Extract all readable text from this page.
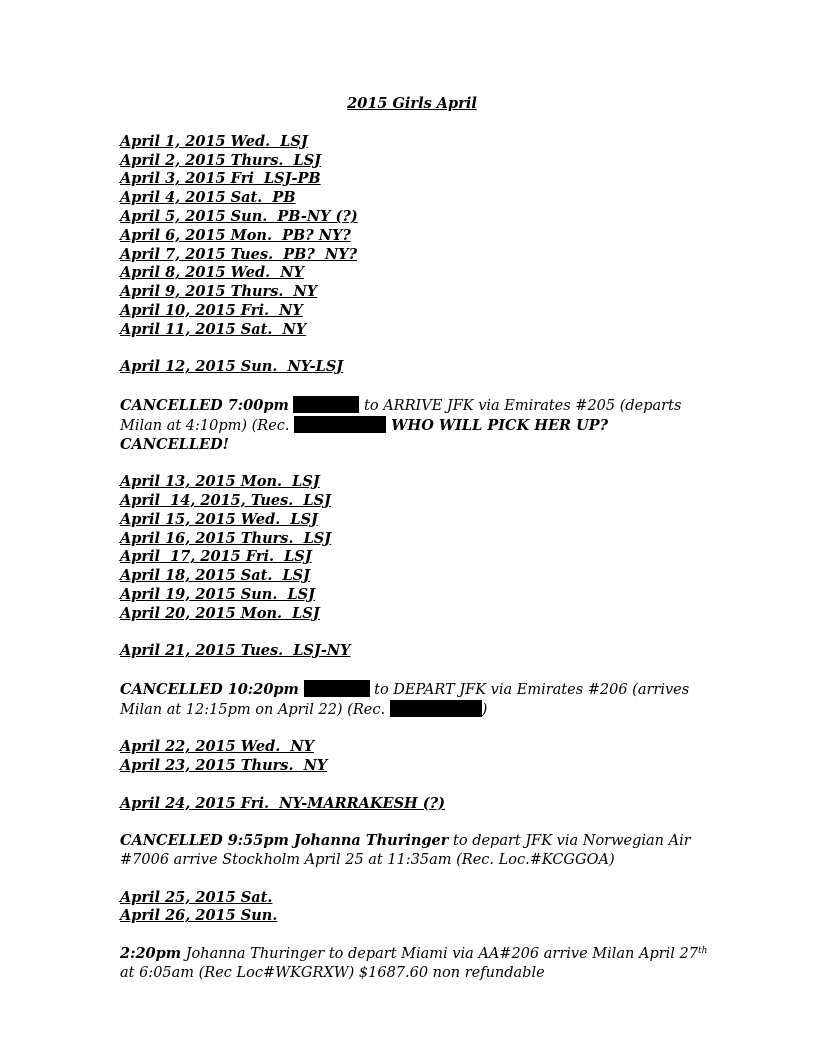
2015 Girls April
April 1, 2015 Wed.  LSJ
April 2, 2015 Thurs.  LSJ
April 3, 2015 Fri  LSJ-PB
April 4, 2015 Sat.  PB
April 5, 2015 Sun.  PB-NY (?)
April 6, 2015 Mon.  PB? NY?
April 7, 2015 Tues.  PB?  NY?
April 8, 2015 Wed.  NY
April 9, 2015 Thurs.  NY
April 10, 2015 Fri.  NY
April 11, 2015 Sat.  NY
April 12, 2015 Sun.  NY-LSJ
CANCELLED 7:00pm	to ARRIVE JFK via Emirates #205 (departs Milan at 4:10pm) (Rec.	WHO WILL PICK HER UP? CANCELLED!
April 13, 2015 Mon.  LSJ
April  14, 2015, Tues.  LSJ
April 15, 2015 Wed.  LSJ
April 16, 2015 Thurs.  LSJ
April  17, 2015 Fri.  LSJ
April 18, 2015 Sat.  LSJ
April 19, 2015 Sun.  LSJ
April 20, 2015 Mon.  LSJ
April 21, 2015 Tues.  LSJ-NY
CANCELLED 10:20pm	to DEPART JFK via Emirates #206 (arrives Milan at 12:15pm on April 22) (Rec.	)
April 22, 2015 Wed.  NY
April 23, 2015 Thurs.  NY
April 24, 2015 Fri.  NY-MARRAKESH (?)
CANCELLED 9:55pm Johanna Thuringer to depart JFK via Norwegian Air #7006 arrive Stockholm April 25 at 11:35am (Rec. Loc.#KCGGOA)
April 25, 2015 Sat.
April 26, 2015 Sun.
2:20pm Johanna Thuringer to depart Miami via AA#206 arrive Milan April 27th at 6:05am (Rec Loc#WKGRXW) $1687.60 non refundable
